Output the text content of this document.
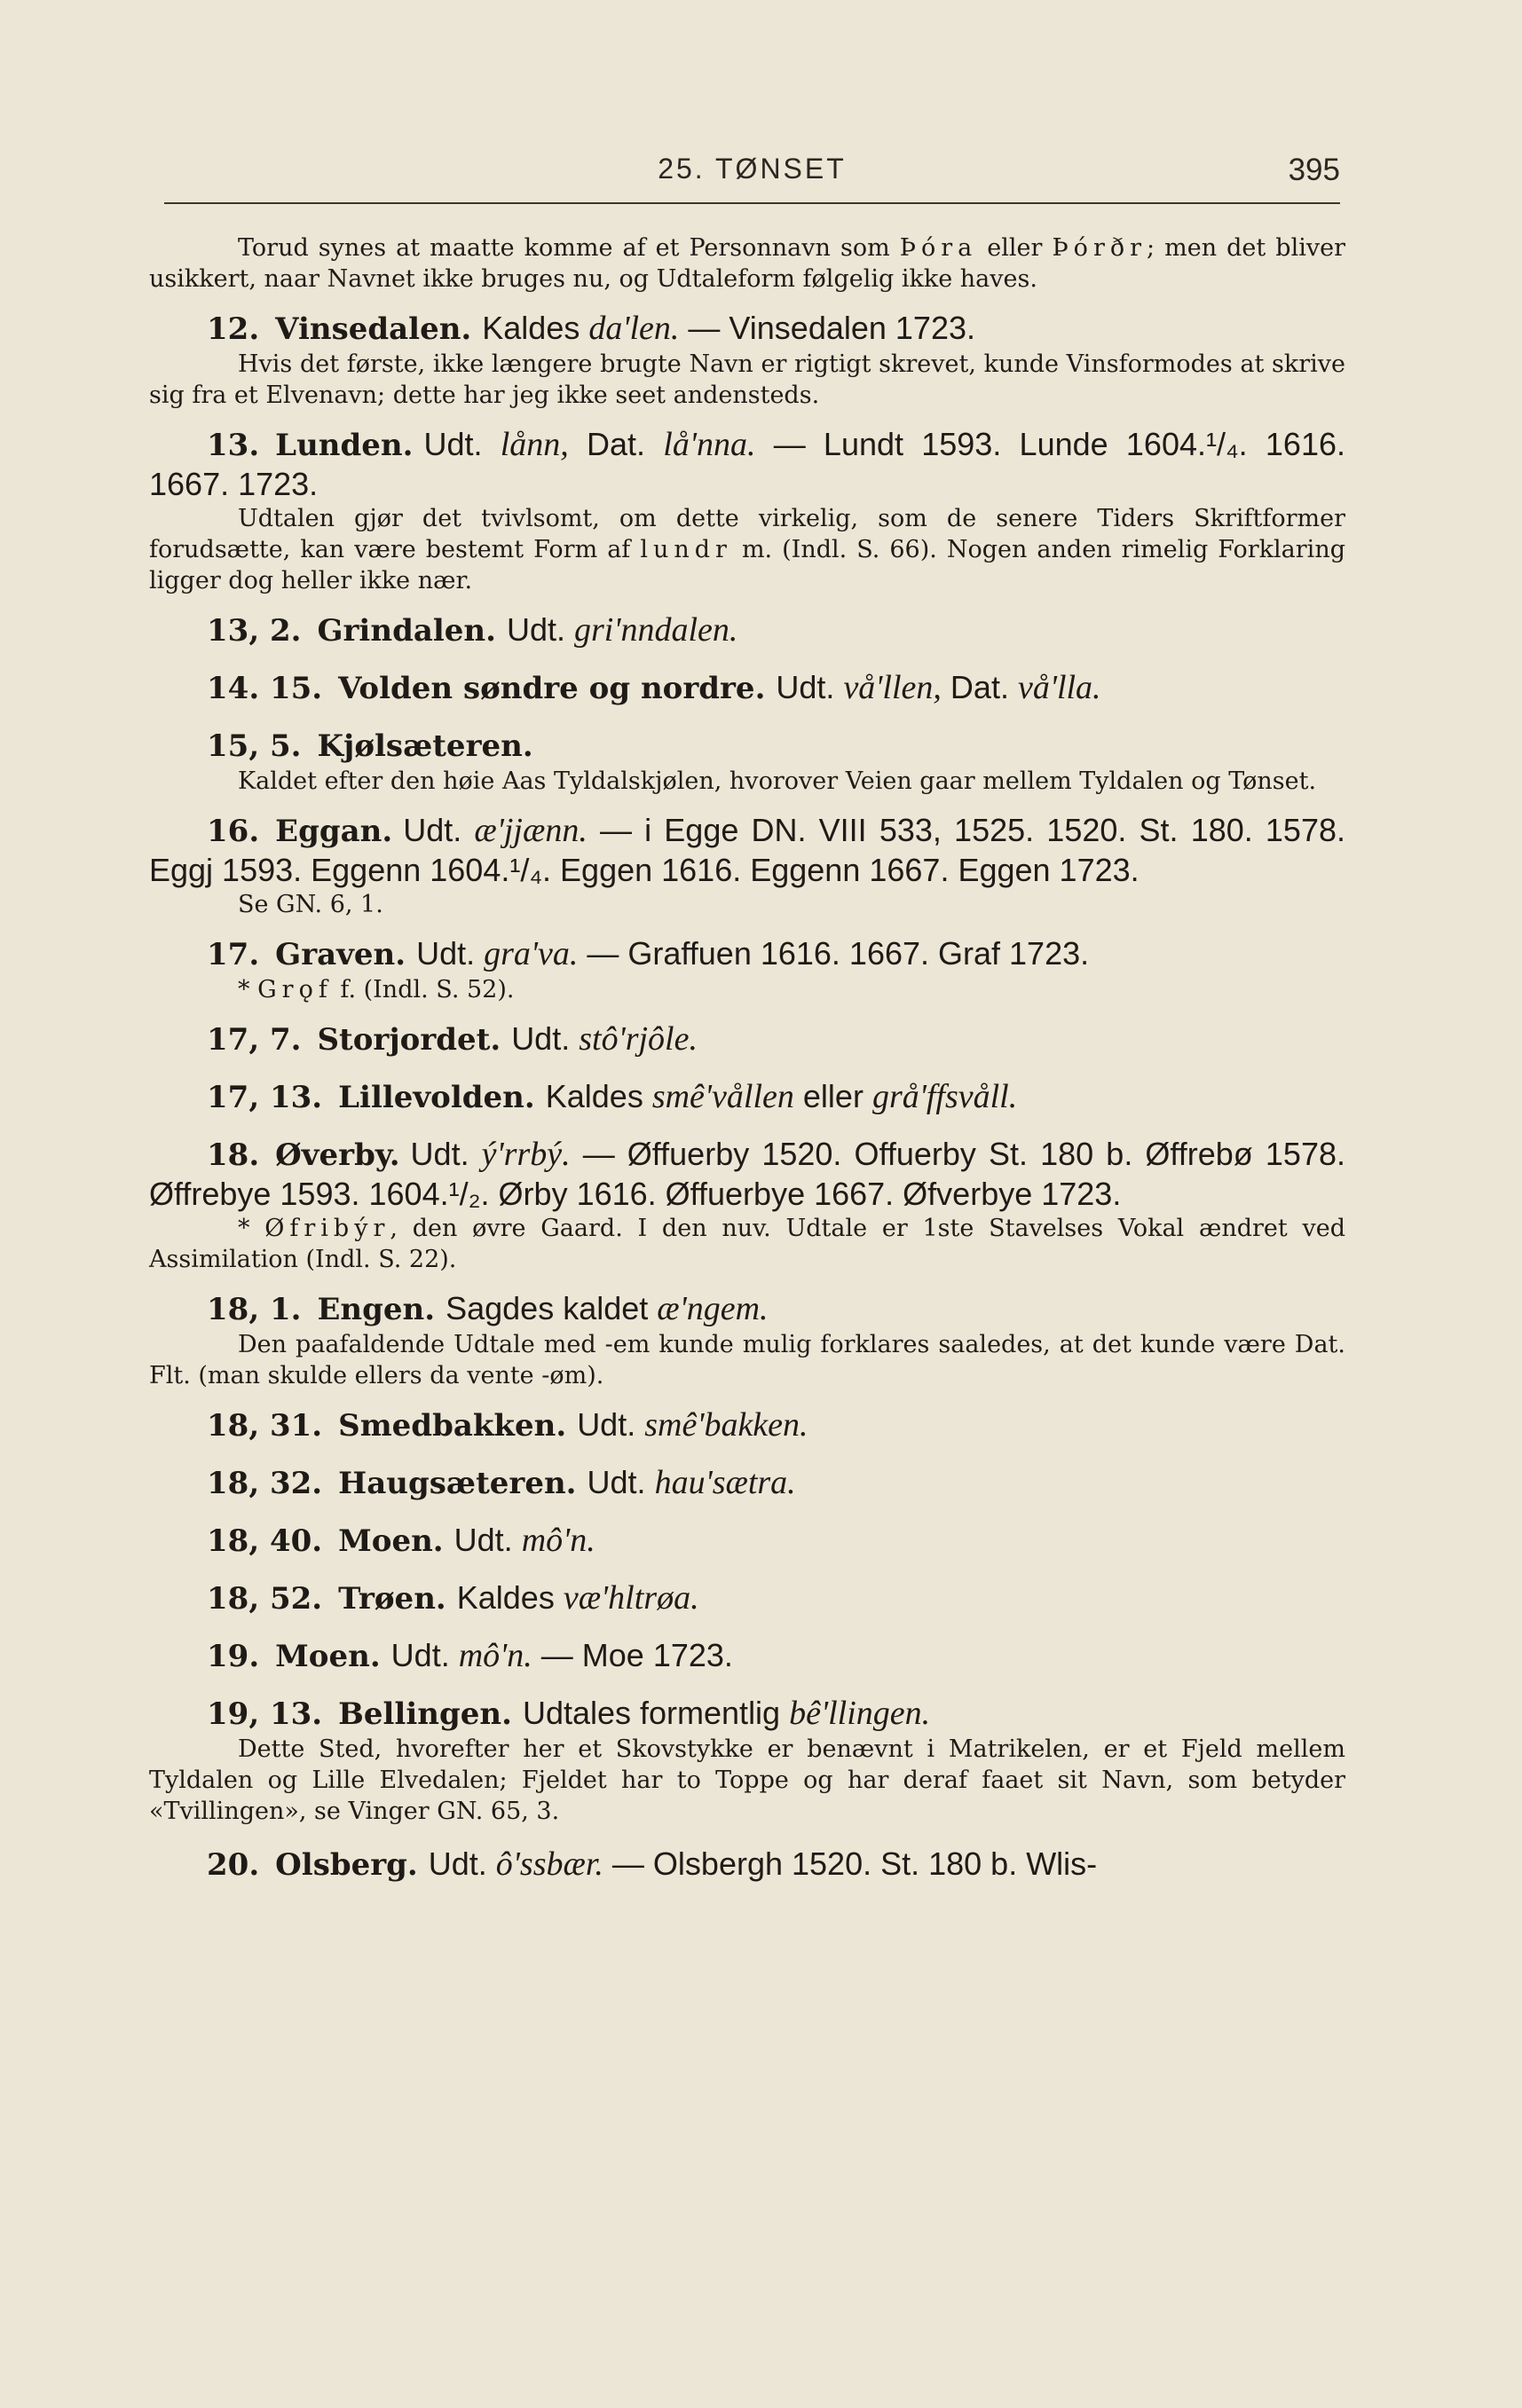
25. TØNSET	395

Torud synes at maatte komme af et Personnavn som Þóra eller Þórðr; men det bliver usikkert, naar Navnet ikke bruges nu, og Udtaleform følgelig ikke haves.

12. Vinsedalen. Kaldes da'len. — Vinsedalen 1723.

Hvis det første, ikke længere brugte Navn er rigtigt skrevet, kunde Vinsformodes at skrive sig fra et Elvenavn; dette har jeg ikke seet andensteds.

13. Lunden. Udt. lånn, Dat. lå'nna. — Lundt 1593. Lunde 1604.¹/₄. 1616. 1667. 1723.

Udtalen gjør det tvivlsomt, om dette virkelig, som de senere Tiders Skriftformer forudsætte, kan være bestemt Form af lundr m. (Indl. S. 66). Nogen anden rimelig Forklaring ligger dog heller ikke nær.

13, 2. Grindalen. Udt. gri'nndalen.

14. 15. Volden søndre og nordre. Udt. vå'llen, Dat. vå'lla.

15, 5. Kjølsæteren.

Kaldet efter den høie Aas Tyldalskjølen, hvorover Veien gaar mellem Tyldalen og Tønset.

16. Eggan. Udt. æ'jjænn. — i Egge DN. VIII 533, 1525. 1520. St. 180. 1578. Eggj 1593. Eggenn 1604.¹/₄. Eggen 1616. Eggenn 1667. Eggen 1723.

Se GN. 6, 1.

17. Graven. Udt. gra'va. — Graffuen 1616. 1667. Graf 1723.

* Grǫf f. (Indl. S. 52).

17, 7. Storjordet. Udt. stô'rjôle.

17, 13. Lillevolden. Kaldes smê'vållen eller grå'ffsvåll.

18. Øverby. Udt. ý'rrbý. — Øffuerby 1520. Offuerby St. 180 b. Øffrebø 1578. Øffrebye 1593. 1604.¹/₂. Ørby 1616. Øffuerbye 1667. Øfverbye 1723.

* Øfribýr, den øvre Gaard. I den nuv. Udtale er 1ste Stavelses Vokal ændret ved Assimilation (Indl. S. 22).

18, 1. Engen. Sagdes kaldet æ'ngem.

Den paafaldende Udtale med -em kunde mulig forklares saaledes, at det kunde være Dat. Flt. (man skulde ellers da vente -øm).

18, 31. Smedbakken. Udt. smê'bakken.

18, 32. Haugsæteren. Udt. hau'sætra.

18, 40. Moen. Udt. mô'n.

18, 52. Trøen. Kaldes væ'hltrøa.

19. Moen. Udt. mô'n. — Moe 1723.

19, 13. Bellingen. Udtales formentlig bê'llingen.

Dette Sted, hvorefter her et Skovstykke er benævnt i Matrikelen, er et Fjeld mellem Tyldalen og Lille Elvedalen; Fjeldet har to Toppe og har deraf faaet sit Navn, som betyder «Tvillingen», se Vinger GN. 65, 3.

20. Olsberg. Udt. ô'ssbær. — Olsbergh 1520. St. 180 b. Wlis-
